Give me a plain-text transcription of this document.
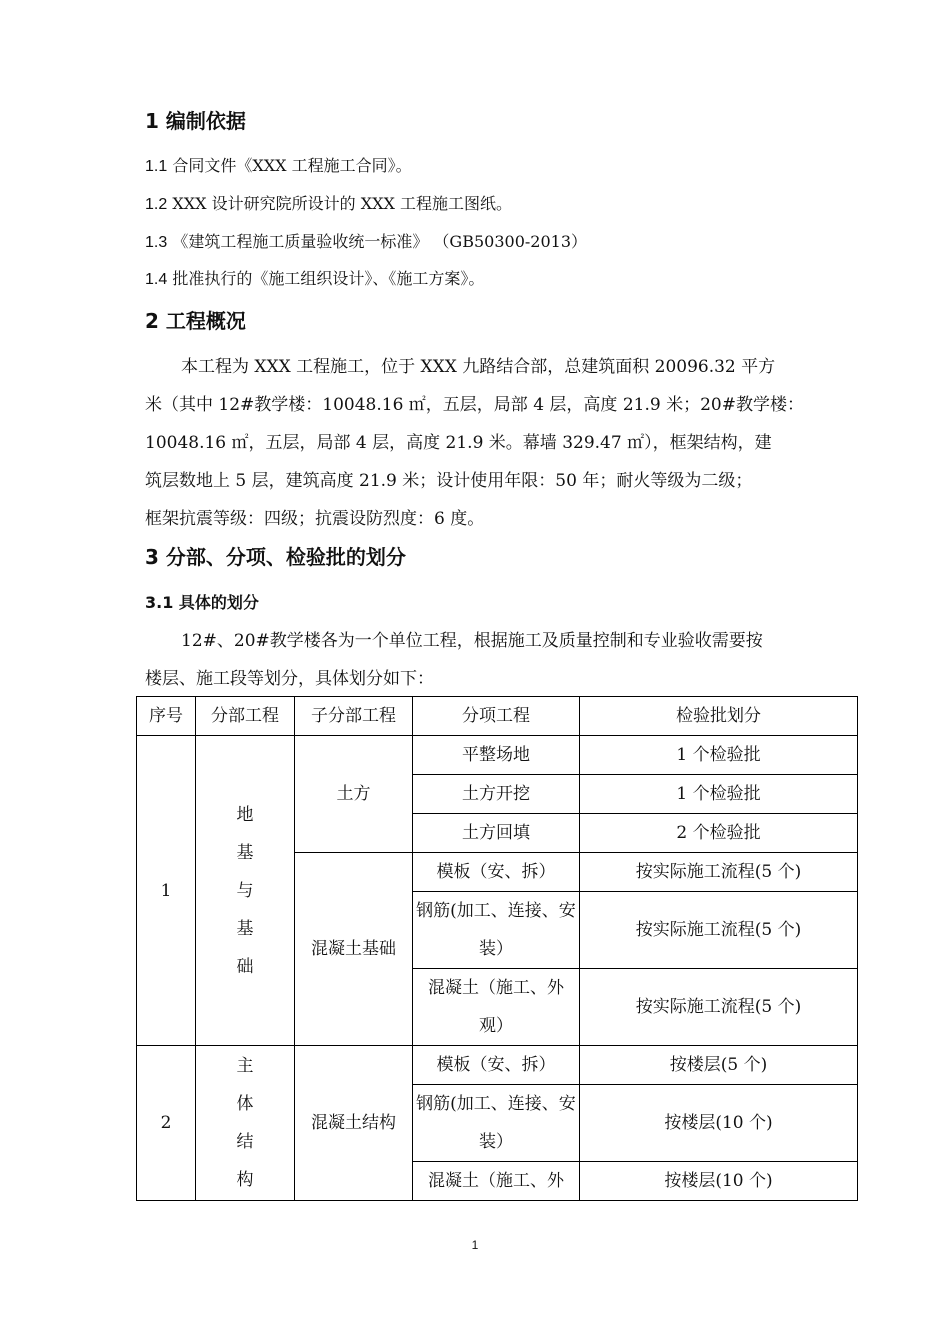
1 编制依据
1.1 合同文件《XXX 工程施工合同》。
1.2 XXX 设计研究院所设计的 XXX 工程施工图纸。
1.3 《建筑工程施工质量验收统一标准》 （GB50300-2013）
1.4 批准执行的《施工组织设计》、《施工方案》。
2 工程概况
本工程为 XXX 工程施工，位于 XXX 九路结合部，总建筑面积 20096.32 平方
米（其中 12#教学楼：10048.16 ㎡，五层，局部 4 层，高度 21.9 米；20#教学楼：
10048.16 ㎡，五层，局部 4 层，高度 21.9 米。幕墙 329.47 ㎡），框架结构，建
筑层数地上 5 层，建筑高度 21.9 米；设计使用年限：50 年；耐火等级为二级；
框架抗震等级：四级；抗震设防烈度：6 度。
3 分部、分项、检验批的划分
3.1 具体的划分
12#、20#教学楼各为一个单位工程，根据施工及质量控制和专业验收需要按
楼层、施工段等划分，具体划分如下：
序号	分部工程	子分部工程	分项工程	检验批划分
1	地基与基础	土方	平整场地	1 个检验批
			土方开挖	1 个检验批
			土方回填	2 个检验批
		混凝土基础	模板（安、拆）	按实际施工流程(5 个)
			钢筋(加工、连接、安装）	按实际施工流程(5 个)
			混凝土（施工、外观）	按实际施工流程(5 个)
2	主体结构	混凝土结构	模板（安、拆）	按楼层(5 个)
			钢筋(加工、连接、安装）	按楼层(10 个)
			混凝土（施工、外	按楼层(10 个)
1
